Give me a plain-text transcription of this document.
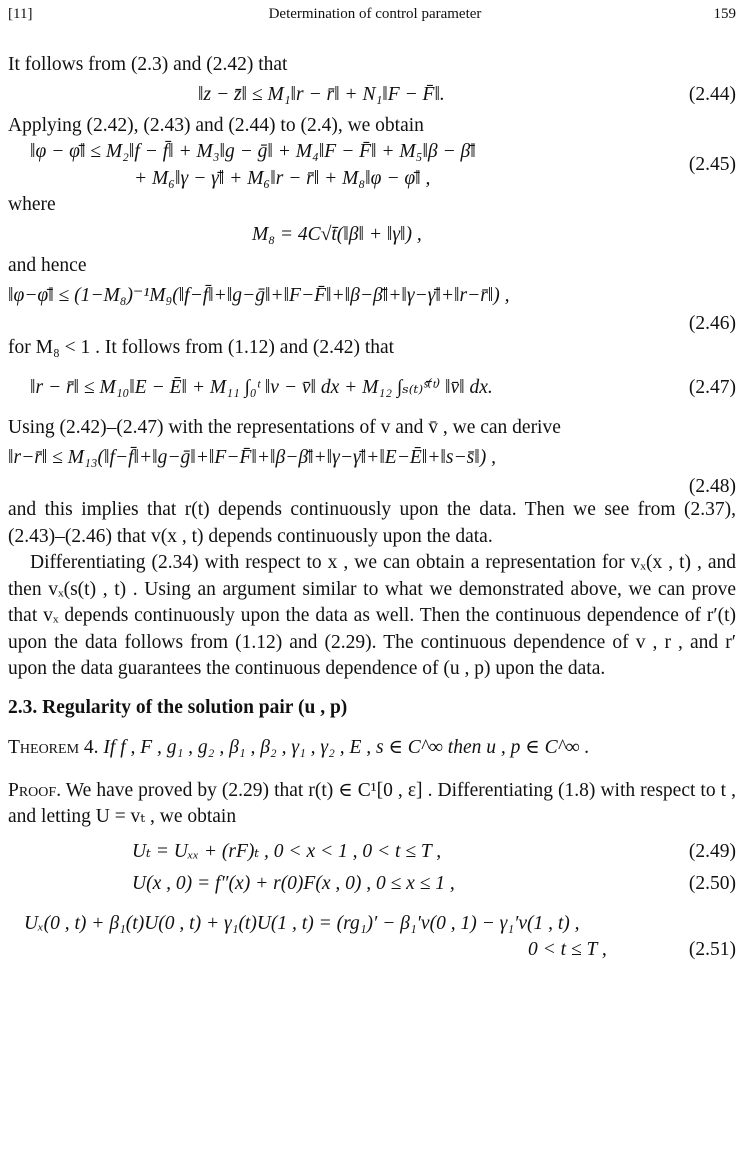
[11]	Determination of control parameter	159

It follows from (2.3) and (2.42) that

‖z − z̄‖ ≤ M₁‖r − r̄‖ + N₁‖F − F̄‖.	(2.44)

Applying (2.42), (2.43) and (2.44) to (2.4), we obtain

‖φ − φ̄‖ ≤ M₂‖f − f̄‖ + M₃‖g − ḡ‖ + M₄‖F − F̄‖ + M₅‖β − β̄‖
+ M₆‖γ − γ̄‖ + M₆‖r − r̄‖ + M₈‖φ − φ̄‖ ,
(2.45)

where

M₈ = 4C√t̄(‖β‖ + ‖γ‖) ,

and hence

‖φ−φ̄‖ ≤ (1−M₈)⁻¹M₉(‖f−f̄‖+‖g−ḡ‖+‖F−F̄‖+‖β−β̄‖+‖γ−γ̄‖+‖r−r̄‖) ,
(2.46)

for M₈ < 1 . It follows from (1.12) and (2.42) that

‖r − r̄‖ ≤ M₁₀‖E − Ē‖ + M₁₁ ∫₀ᵗ ‖v − v̄‖ dx + M₁₂ ∫ₛ₍ₜ₎ˢ̄⁽ᵗ⁾ ‖v̄‖ dx.	(2.47)

Using (2.42)–(2.47) with the representations of v and v̄ , we can derive

‖r−r̄‖ ≤ M₁₃(‖f−f̄‖+‖g−ḡ‖+‖F−F̄‖+‖β−β̄‖+‖γ−γ̄‖+‖E−Ē‖+‖s−s̄‖) ,
(2.48)

and this implies that r(t) depends continuously upon the data. Then we see from (2.37), (2.43)–(2.46) that v(x , t) depends continuously upon the data.

Differentiating (2.34) with respect to x , we can obtain a representation for vₓ(x , t) , and then vₓ(s(t) , t) . Using an argument similar to what we demonstrated above, we can prove that vₓ depends continuously upon the data as well. Then the continuous dependence of r′(t) upon the data follows from (1.12) and (2.29). The continuous dependence of v , r , and r′ upon the data guarantees the continuous dependence of (u , p) upon the data.

2.3. Regularity of the solution pair (u , p)

Theorem 4. If f , F , g₁ , g₂ , β₁ , β₂ , γ₁ , γ₂ , E , s ∈ C^∞ then u , p ∈ C^∞ .

Proof. We have proved by (2.29) that r(t) ∈ C¹[0 , ε] . Differentiating (1.8) with respect to t , and letting U = vₜ , we obtain

Uₜ = Uₓₓ + (rF)ₜ , 0 < x < 1 , 0 < t ≤ T ,	(2.49)
U(x , 0) = f″(x) + r(0)F(x , 0) , 0 ≤ x ≤ 1 ,	(2.50)
Uₓ(0 , t) + β₁(t)U(0 , t) + γ₁(t)U(1 , t) = (rg₁)′ − β₁′v(0 , 1) − γ₁′v(1 , t) ,
0 < t ≤ T ,	(2.51)
